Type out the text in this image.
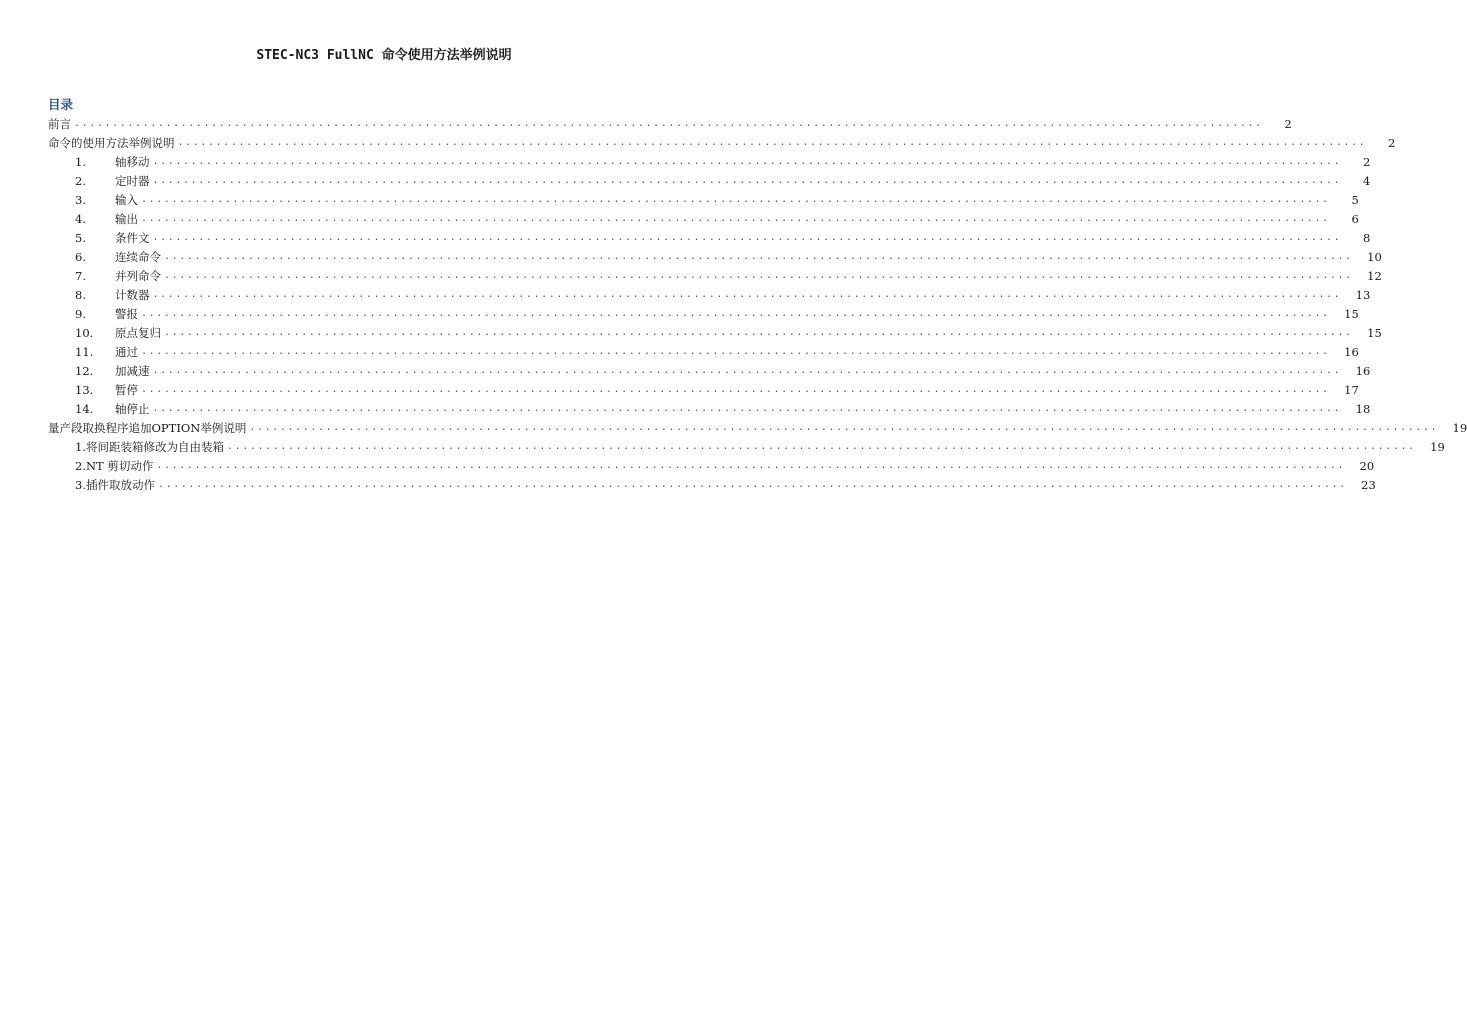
STEC-NC3 FullNC 命令使用方法举例说明
目录
前言 ............................................................................................................................................................	2
命令的使用方法举例说明 ............................................................................................................................................................	2
1.	轴移动 ............................................................................................................................................................	2
2.	定时器 ............................................................................................................................................................	4
3.	输入 ............................................................................................................................................................	5
4.	输出 ............................................................................................................................................................	6
5.	条件文 ............................................................................................................................................................	8
6.	连续命令 ............................................................................................................................................................	10
7.	并列命令 ............................................................................................................................................................	12
8.	计数器 ............................................................................................................................................................	13
9.	警报 ............................................................................................................................................................	15
10.	原点复归 ............................................................................................................................................................	15
11.	通过 ............................................................................................................................................................	16
12.	加减速 ............................................................................................................................................................	16
13.	暂停 ............................................................................................................................................................	17
14.	轴停止 ............................................................................................................................................................	18
量产段取换程序追加OPTION举例说明 ............................................................................................................................................................	19
1.将间距装箱修改为自由装箱 ............................................................................................................................................................	19
2.NT 剪切动作 ............................................................................................................................................................	20
3.插件取放动作 ............................................................................................................................................................	23
